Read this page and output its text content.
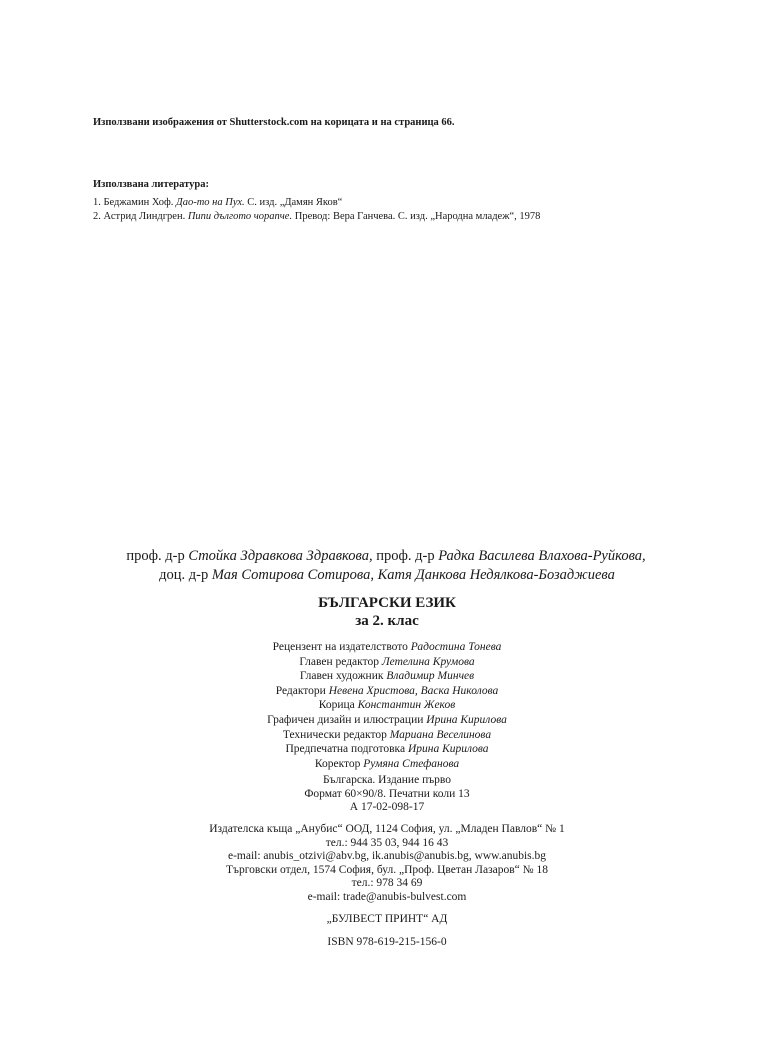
Използвани изображения от Shutterstock.com на корицата и на страница 66.
Използвана литература:
1. Беджамин Хоф. Дао-то на Пух. С. изд. „Дамян Яков“
2. Астрид Линдгрен. Пипи дългото чорапче. Превод: Вера Ганчева. С. изд. „Народна младеж“, 1978
проф. д-р Стойка Здравкова Здравкова, проф. д-р Радка Василева Влахова-Руйкова,
доц. д-р Мая Сотирова Сотирова, Катя Данкова Недялкова-Бозаджиева
БЪЛГАРСКИ ЕЗИК
за 2. клас
Рецензент на издателството Радостина Тонева
Главен редактор Летелина Крумова
Главен художник Владимир Минчев
Редактори Невена Христова, Васка Николова
Корица Константин Жеков
Графичен дизайн и илюстрации Ирина Кирилова
Технически редактор Мариана Веселинова
Предпечатна подготовка Ирина Кирилова
Коректор Румяна Стефанова
Българска. Издание първо
Формат 60×90/8. Печатни коли 13
А 17-02-098-17
Издателска къща „Анубис“ ООД, 1124 София, ул. „Младен Павлов“ № 1
тел.: 944 35 03, 944 16 43
e-mail: anubis_otzivi@abv.bg, ik.anubis@anubis.bg, www.anubis.bg
Търговски отдел, 1574 София, бул. „Проф. Цветан Лазаров“ № 18
тел.: 978 34 69
e-mail: trade@anubis-bulvest.com
„БУЛВЕСТ ПРИНТ“ АД
ISBN 978-619-215-156-0
